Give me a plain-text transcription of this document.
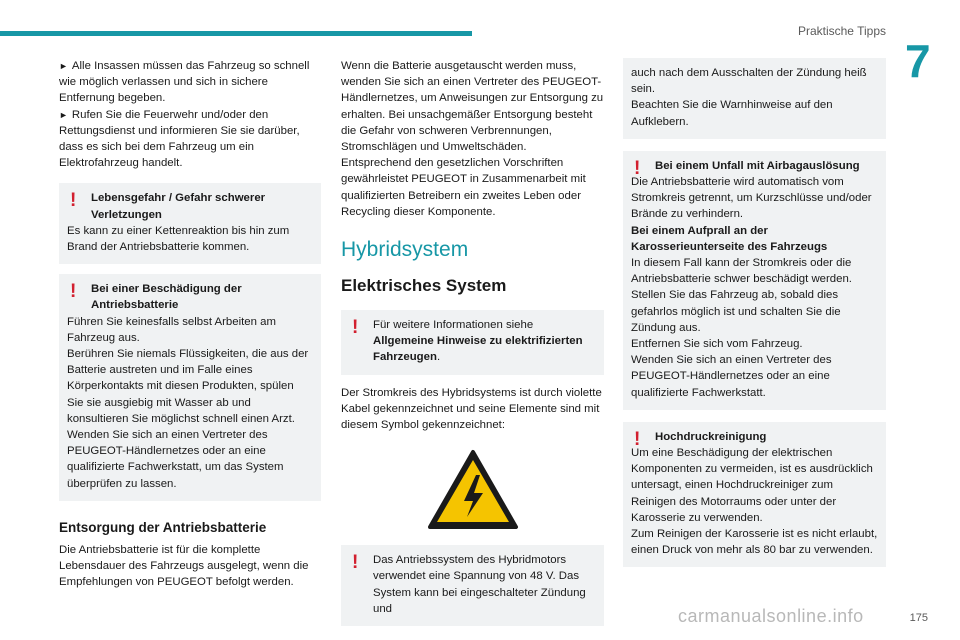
Praktische Tipps
7
► Alle Insassen müssen das Fahrzeug so schnell wie möglich verlassen und sich in sichere Entfernung begeben.
► Rufen Sie die Feuerwehr und/oder den Rettungsdienst und informieren Sie sie darüber, dass es sich bei dem Fahrzeug um ein Elektrofahrzeug handelt.
!	Lebensgefahr / Gefahr schwerer Verletzungen
Es kann zu einer Kettenreaktion bis hin zum Brand der Antriebsbatterie kommen.
!	Bei einer Beschädigung der Antriebsbatterie
Führen Sie keinesfalls selbst Arbeiten am Fahrzeug aus.
Berühren Sie niemals Flüssigkeiten, die aus der Batterie austreten und im Falle eines Körperkontakts mit diesen Produkten, spülen Sie sie ausgiebig mit Wasser ab und konsultieren Sie möglichst schnell einen Arzt.
Wenden Sie sich an einen Vertreter des PEUGEOT-Händlernetzes oder an eine qualifizierte Fachwerkstatt, um das System überprüfen zu lassen.
Entsorgung der Antriebsbatterie
Die Antriebsbatterie ist für die komplette Lebensdauer des Fahrzeugs ausgelegt, wenn die Empfehlungen von PEUGEOT befolgt werden.
Wenn die Batterie ausgetauscht werden muss, wenden Sie sich an einen Vertreter des PEUGEOT-Händlernetzes, um Anweisungen zur Entsorgung zu erhalten. Bei unsachgemäßer Entsorgung besteht die Gefahr von schweren Verbrennungen, Stromschlägen und Umweltschäden.
Entsprechend den gesetzlichen Vorschriften gewährleistet PEUGEOT in Zusammenarbeit mit qualifizierten Betreibern ein zweites Leben oder Recycling dieser Komponente.
Hybridsystem
Elektrisches System
!	Für weitere Informationen siehe Allgemeine Hinweise zu elektrifizierten Fahrzeugen.
Der Stromkreis des Hybridsystems ist durch violette Kabel gekennzeichnet und seine Elemente sind mit diesem Symbol gekennzeichnet:
!	Das Antriebssystem des Hybridmotors verwendet eine Spannung von 48 V. Das System kann bei eingeschalteter Zündung und
auch nach dem Ausschalten der Zündung heiß sein.
Beachten Sie die Warnhinweise auf den Aufklebern.
!	Bei einem Unfall mit Airbagauslösung
Die Antriebsbatterie wird automatisch vom Stromkreis getrennt, um Kurzschlüsse und/oder Brände zu verhindern.
Bei einem Aufprall an der Karosserieunterseite des Fahrzeugs
In diesem Fall kann der Stromkreis oder die Antriebsbatterie schwer beschädigt werden.
Stellen Sie das Fahrzeug ab, sobald dies gefahrlos möglich ist und schalten Sie die Zündung aus.
Entfernen Sie sich vom Fahrzeug.
Wenden Sie sich an einen Vertreter des PEUGEOT-Händlernetzes oder an eine qualifizierte Fachwerkstatt.
!	Hochdruckreinigung
Um eine Beschädigung der elektrischen Komponenten zu vermeiden, ist es ausdrücklich untersagt, einen Hochdruckreiniger zum Reinigen des Motorraums oder unter der Karosserie zu verwenden.
Zum Reinigen der Karosserie ist es nicht erlaubt, einen Druck von mehr als 80 bar zu verwenden.
carmanualsonline.info	175
